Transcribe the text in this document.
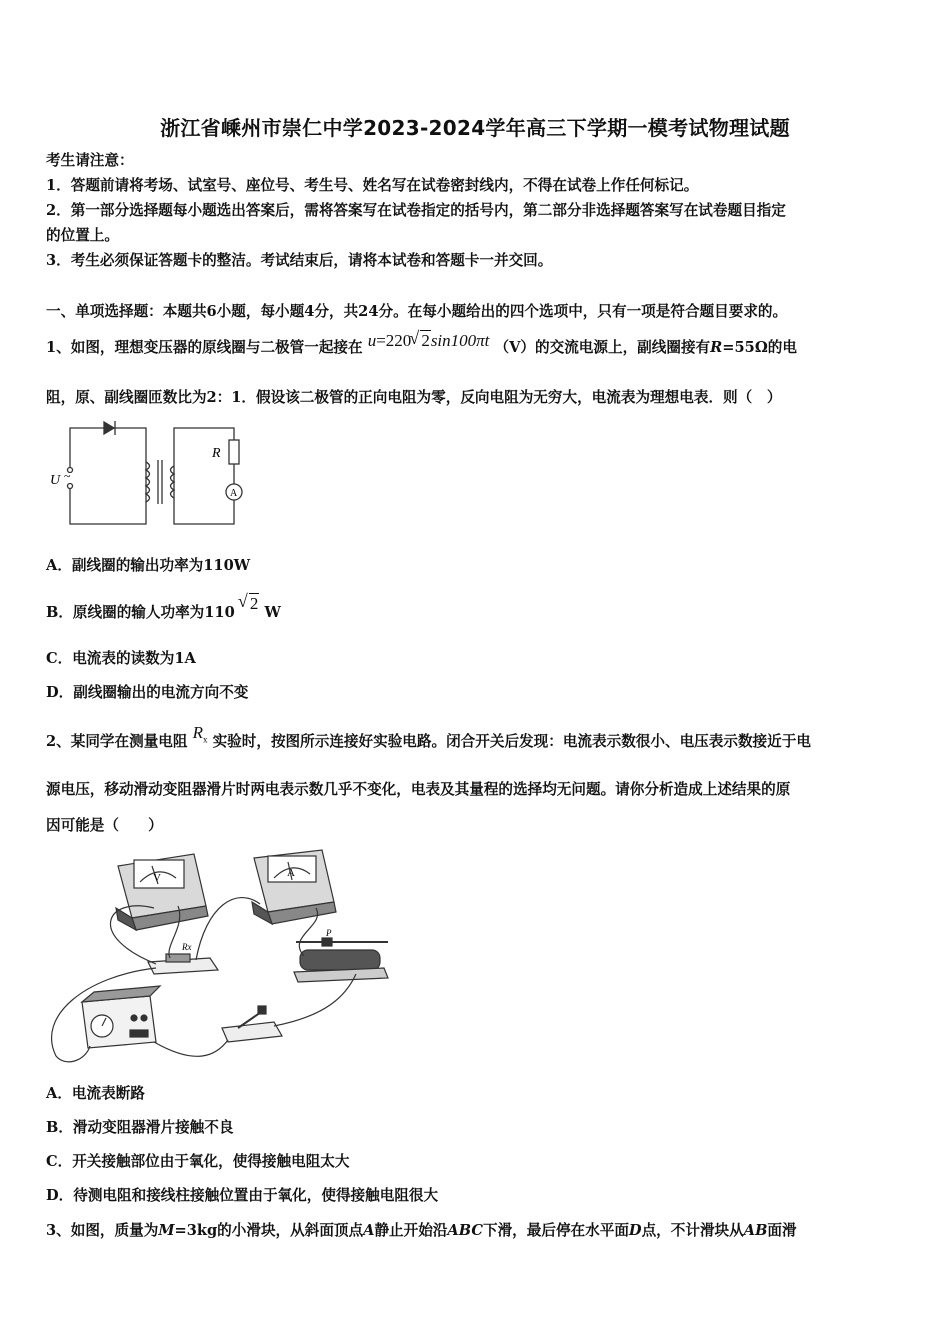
浙江省嵊州市崇仁中学2023-2024学年高三下学期一模考试物理试题
考生请注意：
1．答题前请将考场、试室号、座位号、考生号、姓名写在试卷密封线内，不得在试卷上作任何标记。
2．第一部分选择题每小题选出答案后，需将答案写在试卷指定的括号内，第二部分非选择题答案写在试卷题目指定
的位置上。
3．考生必须保证答题卡的整洁。考试结束后，请将本试卷和答题卡一并交回。
一、单项选择题：本题共6小题，每小题4分，共24分。在每小题给出的四个选项中，只有一项是符合题目要求的。
1、如图，理想变压器的原线圈与二极管一起接在 u=220 √ 2sin100πt （V）的交流电源上，副线圈接有R=55Ω的电
阻，原、副线圈匝数比为2：1．假设该二极管的正向电阻为零，反向电阻为无穷大，电流表为理想电表．则（　）
U ~
R
A
A．副线圈的输出功率为110W
B．原线圈的输人功率为110 √ 2 W
C．电流表的读数为1A
D．副线圈输出的电流方向不变
2、某同学在测量电阻 $R_x$ 实验时，按图所示连接好实验电路。闭合开关后发现：电流表示数很小、电压表示数接近于电
源电压，移动滑动变阻器滑片时两电表示数几乎不变化，电表及其量程的选择均无问题。请你分析造成上述结果的原
因可能是（　　）
V	A
Rx
P
A．电流表断路
B．滑动变阻器滑片接触不良
C．开关接触部位由于氧化，使得接触电阻太大
D．待测电阻和接线柱接触位置由于氧化，使得接触电阻很大
3、如图，质量为M=3kg的小滑块，从斜面顶点A静止开始沿ABC下滑，最后停在水平面D点，不计滑块从AB面滑
